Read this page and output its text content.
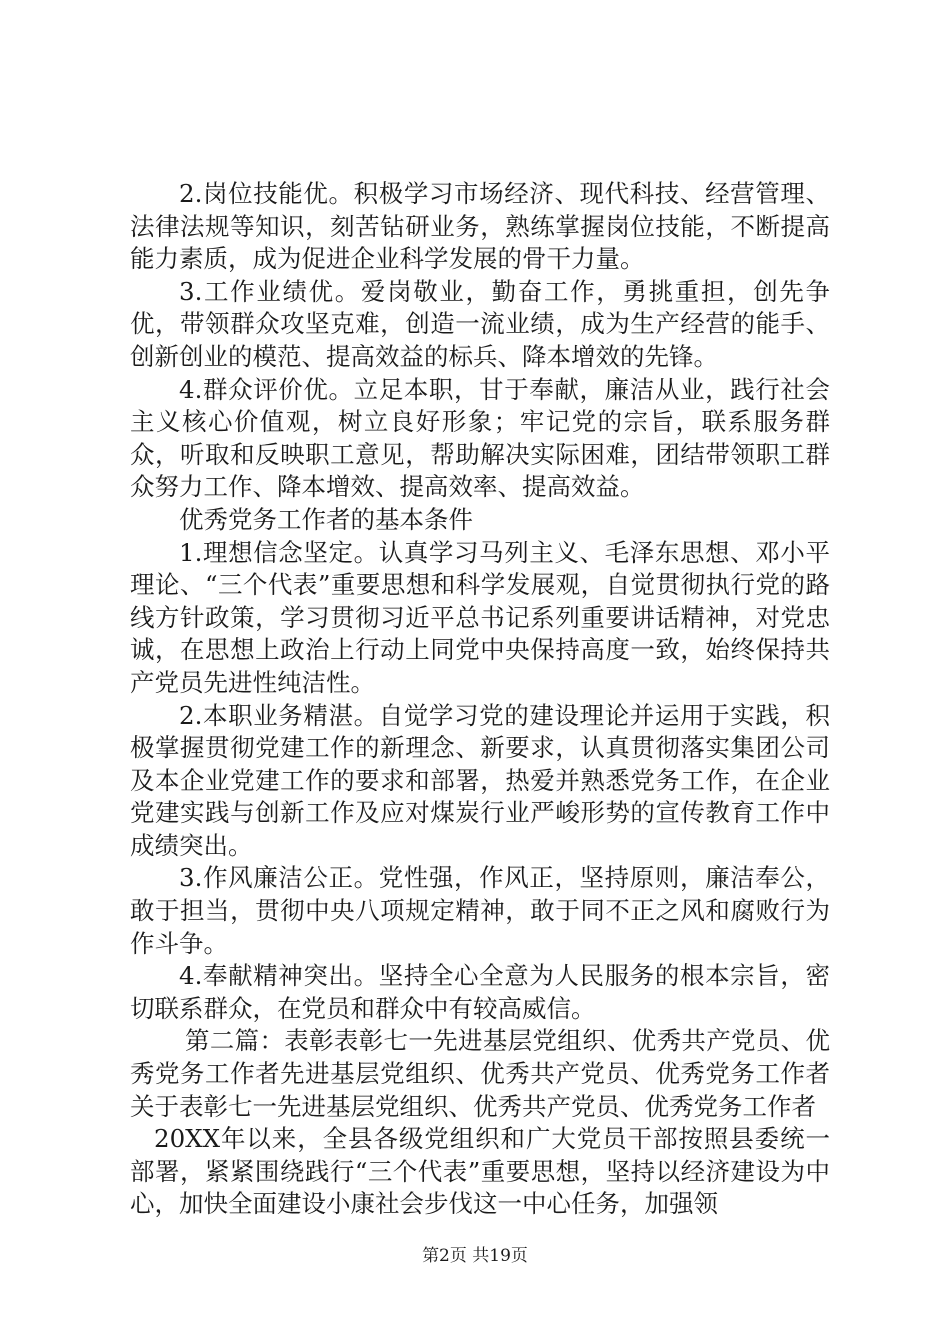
2.岗位技能优。积极学习市场经济、现代科技、经营管理、法律法规等知识，刻苦钻研业务，熟练掌握岗位技能，不断提高能力素质，成为促进企业科学发展的骨干力量。

3.工作业绩优。爱岗敬业，勤奋工作，勇挑重担，创先争优，带领群众攻坚克难，创造一流业绩，成为生产经营的能手、创新创业的模范、提高效益的标兵、降本增效的先锋。

4.群众评价优。立足本职，甘于奉献，廉洁从业，践行社会主义核心价值观，树立良好形象；牢记党的宗旨，联系服务群众，听取和反映职工意见，帮助解决实际困难，团结带领职工群众努力工作、降本增效、提高效率、提高效益。

优秀党务工作者的基本条件

1.理想信念坚定。认真学习马列主义、毛泽东思想、邓小平理论、“三个代表”重要思想和科学发展观，自觉贯彻执行党的路线方针政策，学习贯彻习近平总书记系列重要讲话精神，对党忠诚，在思想上政治上行动上同党中央保持高度一致，始终保持共产党员先进性纯洁性。

2.本职业务精湛。自觉学习党的建设理论并运用于实践，积极掌握贯彻党建工作的新理念、新要求，认真贯彻落实集团公司及本企业党建工作的要求和部署，热爱并熟悉党务工作，在企业党建实践与创新工作及应对煤炭行业严峻形势的宣传教育工作中成绩突出。

3.作风廉洁公正。党性强，作风正，坚持原则，廉洁奉公，敢于担当，贯彻中央八项规定精神，敢于同不正之风和腐败行为作斗争。

4.奉献精神突出。坚持全心全意为人民服务的根本宗旨，密切联系群众，在党员和群众中有较高威信。

第二篇：表彰表彰七一先进基层党组织、优秀共产党员、优秀党务工作者先进基层党组织、优秀共产党员、优秀党务工作者关于表彰七一先进基层党组织、优秀共产党员、优秀党务工作者

20XX年以来，全县各级党组织和广大党员干部按照县委统一部署，紧紧围绕践行“三个代表”重要思想，坚持以经济建设为中心，加快全面建设小康社会步伐这一中心任务，加强领

第2页 共19页
